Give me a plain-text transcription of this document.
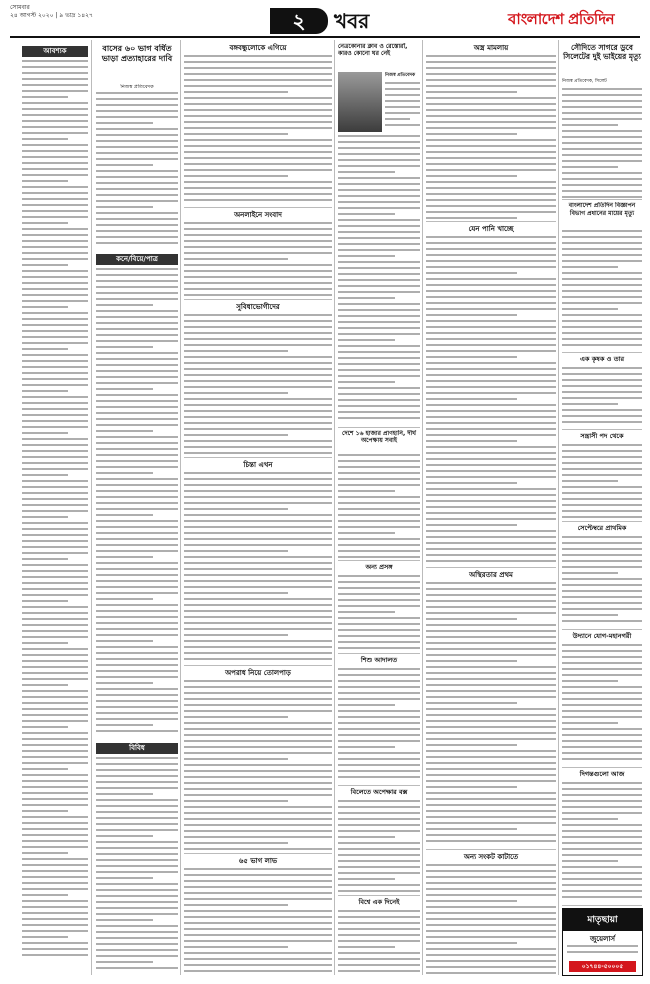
সোমবার
২৪ আগস্ট ২০২০ | ৯ ভাদ্র ১৪২৭	২	খবর	বাংলাদেশ প্রতিদিন
আবশ্যক
কনে/বিয়ে/পাত্র
বিবিধ
বাসের ৬০ ভাগ বর্ধিত ভাড়া প্রত্যাহারের দাবি
নিজস্ব প্রতিবেদক
বঙ্গবন্ধুলোকে এগিয়ে
অনলাইনে সংবাদ
সুবিধাভোগীদের
চিন্তা এখন
অপরাধ নিয়ে তোলপাড়
৬৫ ভাগ লাভ
নেত্রকোনার ক্লাব ও রেস্তোরাঁ, কারও কোনো ঘর নেই
নিজস্ব প্রতিবেদক
দেশে ১৬ হাজার প্রাণহানি, দীর্ঘ অপেক্ষায় সবাই
অন্য প্রসঙ্গ
শিশু আদালত
বিলেতে অপেক্ষার বক্স
বিশ্বে এক দিনেই
অস্ত্র মামলায়
যেন পানি খাচ্ছে
অস্থিরতার প্রথম
অন্য সংকট কাটাতে
সৌদিতে সাগরে ডুবে সিলেটের দুই ভাইয়ের মৃত্যু
নিজস্ব প্রতিবেদক, সিলেট
বাংলাদেশ প্রতিদিন বিজ্ঞাপন বিভাগ প্রধানের মায়ের মৃত্যু
এক কৃষক ও তার
সন্ত্রাসী পদ থেকে
সেপ্টেম্বরে প্রাথমিক
উদ্যানে যোগ-মহানগরী
দিগন্তগুলো আজ
মাতৃছায়া
জুয়েলার্স
০১৭৪৪-৫০০০৫
